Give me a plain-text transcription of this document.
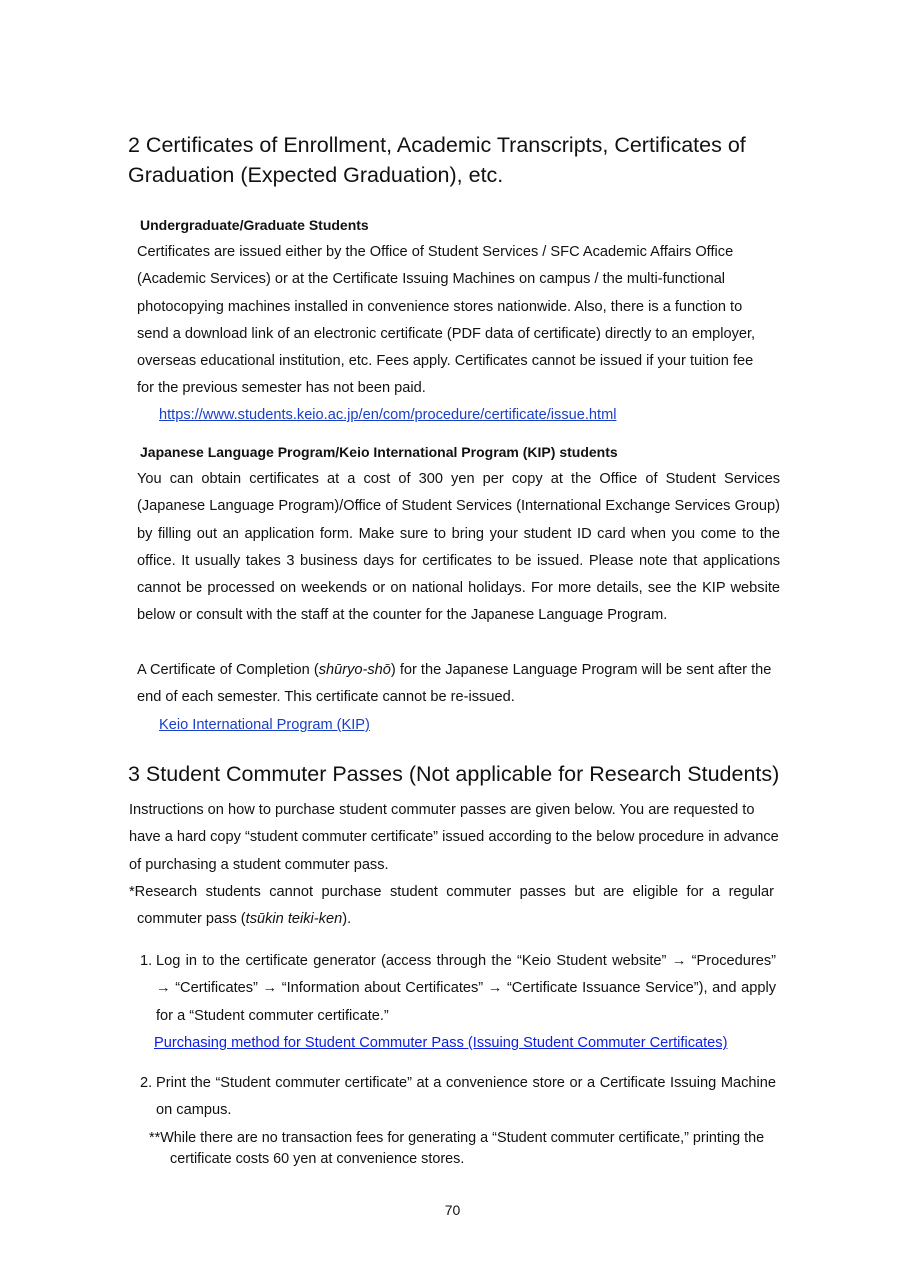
2 Certificates of Enrollment, Academic Transcripts, Certificates of
Graduation (Expected Graduation), etc.

Undergraduate/Graduate Students

Certificates are issued either by the Office of Student Services / SFC Academic Affairs Office (Academic Services) or at the Certificate Issuing Machines on campus / the multi-functional photocopying machines installed in convenience stores nationwide. Also, there is a function to send a download link of an electronic certificate (PDF data of certificate) directly to an employer, overseas educational institution, etc. Fees apply. Certificates cannot be issued if your tuition fee for the previous semester has not been paid.

https://www.students.keio.ac.jp/en/com/procedure/certificate/issue.html

Japanese Language Program/Keio International Program (KIP) students

You can obtain certificates at a cost of 300 yen per copy at the Office of Student Services (Japanese Language Program)/Office of Student Services (International Exchange Services Group) by filling out an application form. Make sure to bring your student ID card when you come to the office. It usually takes 3 business days for certificates to be issued. Please note that applications cannot be processed on weekends or on national holidays. For more details, see the KIP website below or consult with the staff at the counter for the Japanese Language Program.

A Certificate of Completion (shūryo-shō) for the Japanese Language Program will be sent after the end of each semester. This certificate cannot be re-issued.

Keio International Program (KIP)
3 Student Commuter Passes (Not applicable for Research Students)

Instructions on how to purchase student commuter passes are given below. You are requested to have a hard copy “student commuter certificate” issued according to the below procedure in advance of purchasing a student commuter pass.

*Research students cannot purchase student commuter passes but are eligible for a regular commuter pass (tsūkin teiki-ken).

1. Log in to the certificate generator (access through the “Keio Student website” → “Procedures” → “Certificates” → “Information about Certificates” → “Certificate Issuance Service”), and apply for a “Student commuter certificate.”

Purchasing method for Student Commuter Pass (Issuing Student Commuter Certificates)
2. Print the “Student commuter certificate” at a convenience store or a Certificate Issuing Machine on campus.

**While there are no transaction fees for generating a “Student commuter certificate,” printing the certificate costs 60 yen at convenience stores.

70
